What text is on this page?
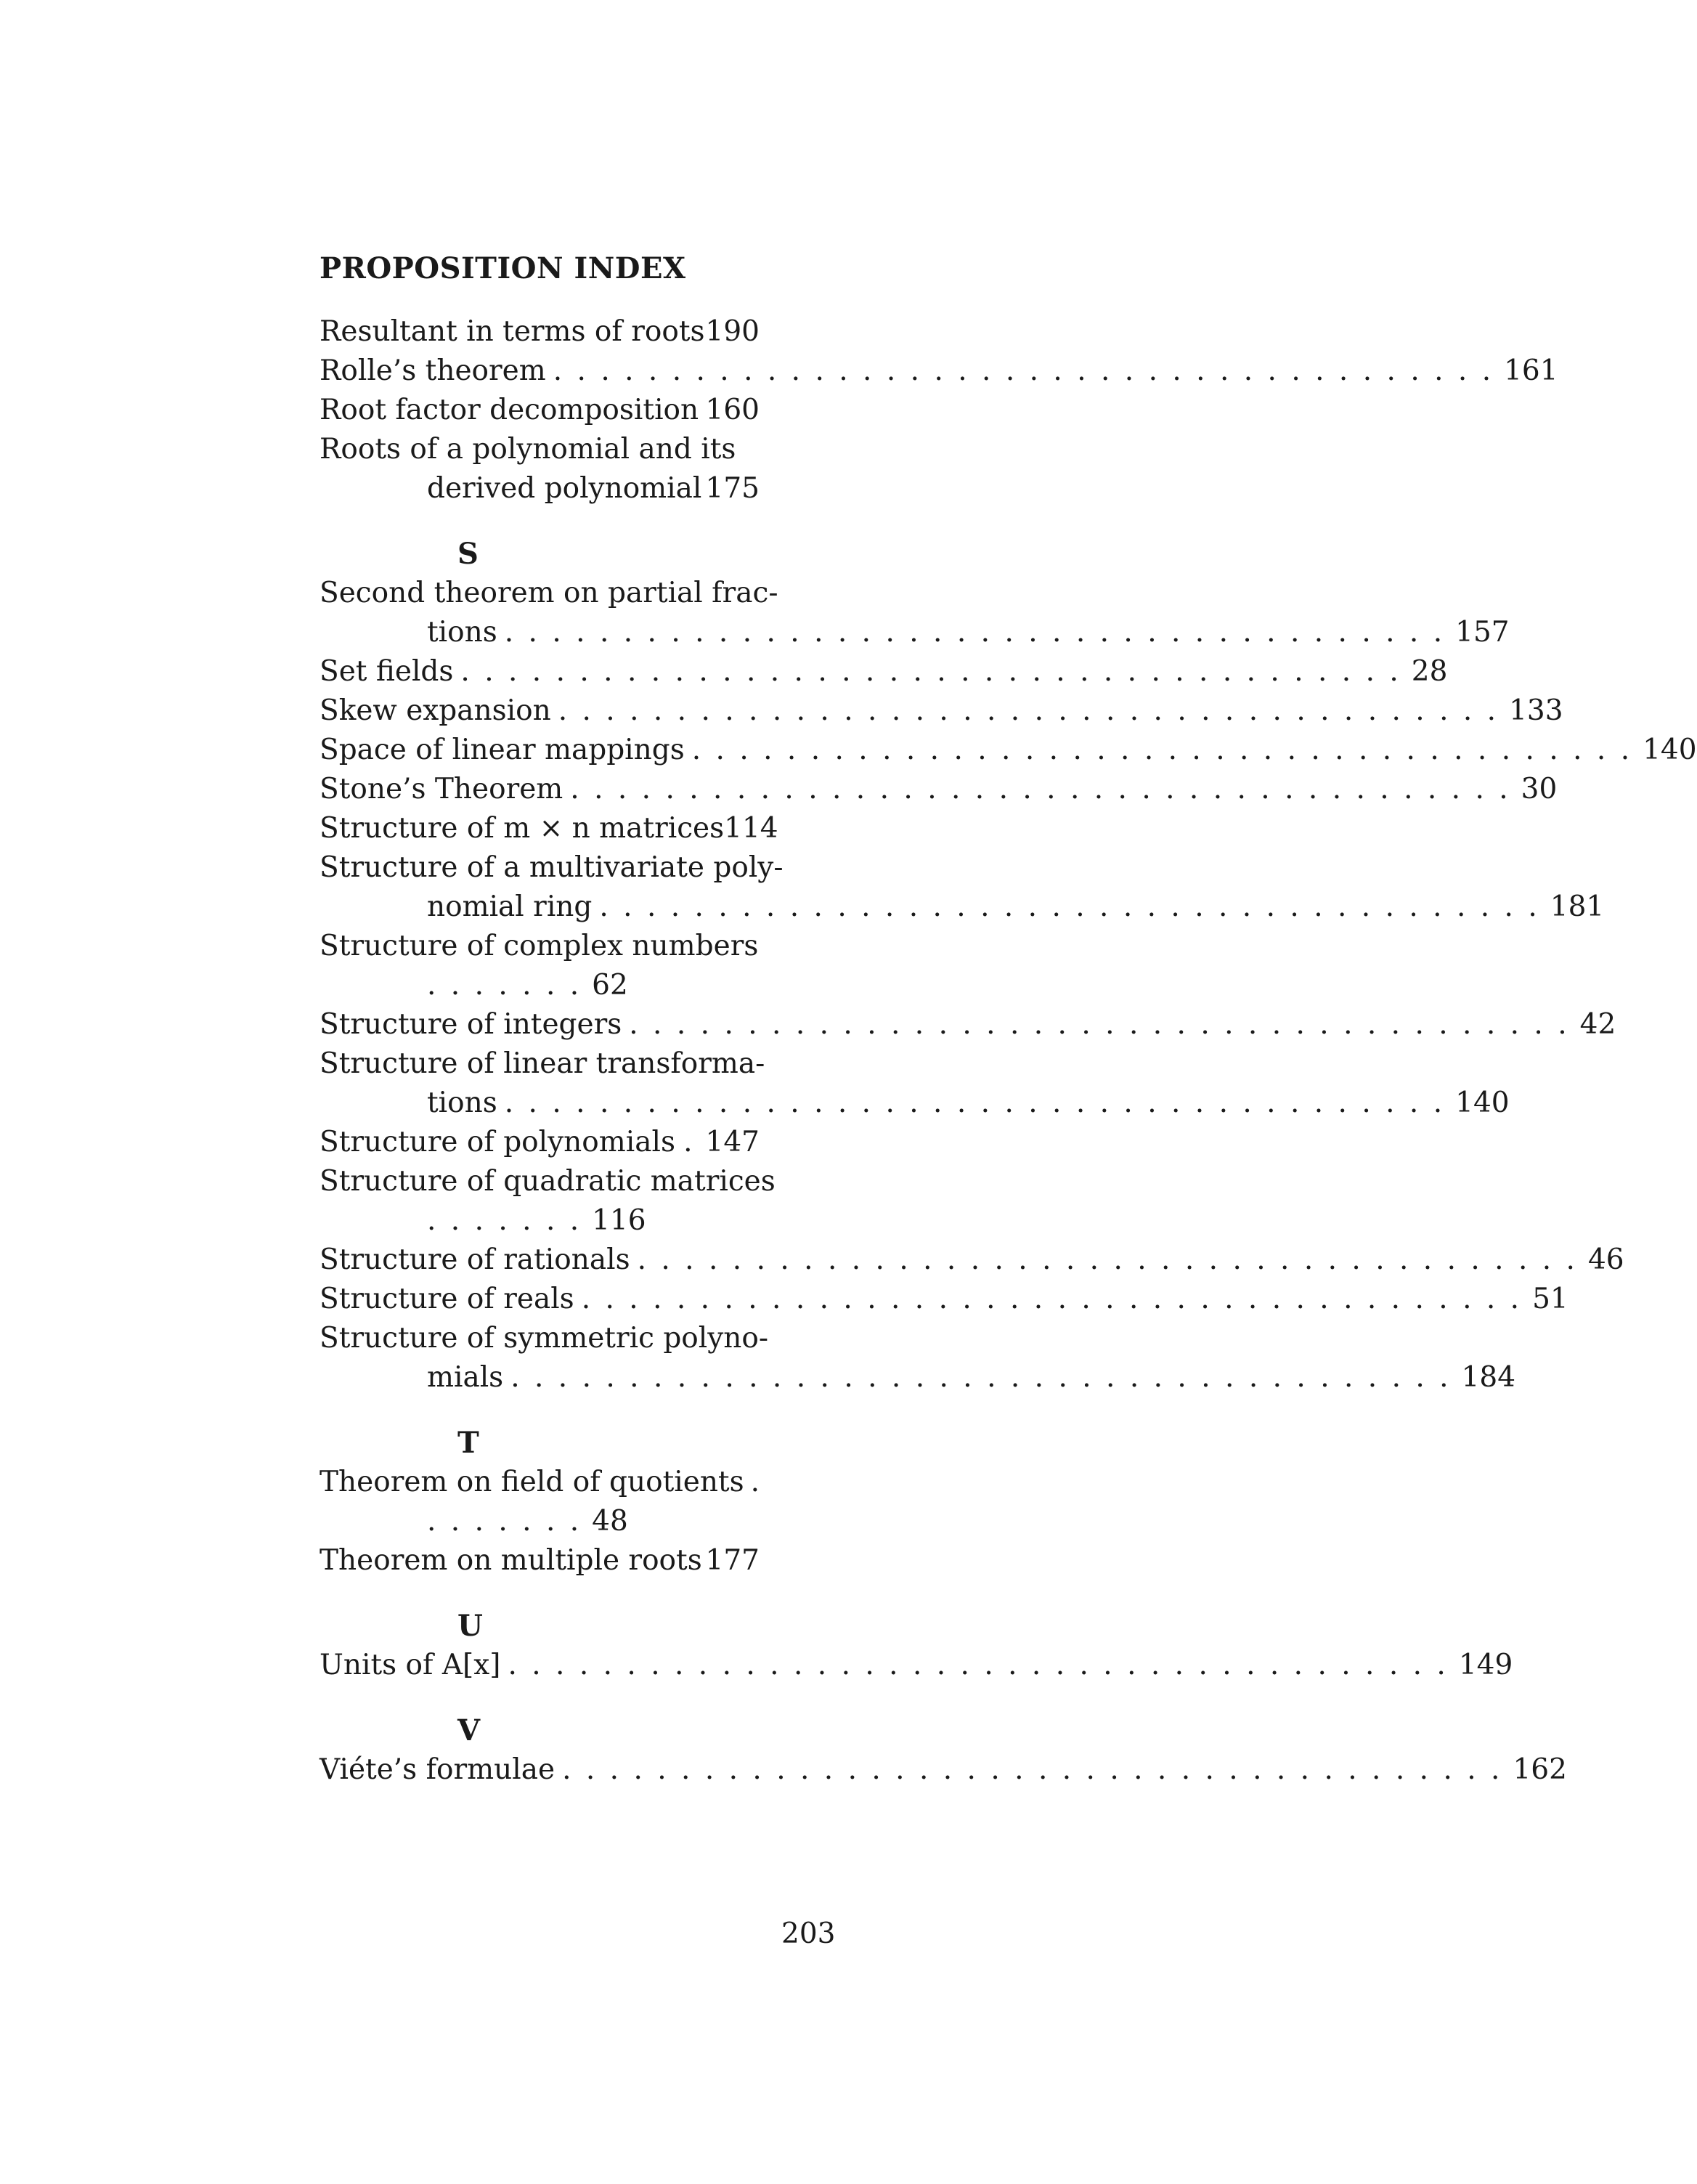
PROPOSITION INDEX
Resultant in terms of roots 190
Rolle’s theorem . . . . . . . . . . . . . . . . . . . . . . . . . . . . . . . . . . . . . . . . 161
Root factor decomposition 160
Roots of a polynomial and its
derived polynomial 175
S
Second theorem on partial frac-
tions . . . . . . . . . . . . . . . . . . . . . . . . . . . . . . . . . . . . . . . . 157
Set fields . . . . . . . . . . . . . . . . . . . . . . . . . . . . . . . . . . . . . . . . 28
Skew expansion . . . . . . . . . . . . . . . . . . . . . . . . . . . . . . . . . . . . . . . . 133
Space of linear mappings . . . . . . . . . . . . . . . . . . . . . . . . . . . . . . . . . . . . . . . . 140
Stone’s Theorem . . . . . . . . . . . . . . . . . . . . . . . . . . . . . . . . . . . . . . . . 30
Structure of m × n matrices 114
Structure of a multivariate poly-
nomial ring . . . . . . . . . . . . . . . . . . . . . . . . . . . . . . . . . . . . . . . . 181
Structure of complex numbers
. . . . . . . 62
Structure of integers . . . . . . . . . . . . . . . . . . . . . . . . . . . . . . . . . . . . . . . . 42
Structure of linear transforma-
tions . . . . . . . . . . . . . . . . . . . . . . . . . . . . . . . . . . . . . . . . 140
Structure of polynomials . 147
Structure of quadratic matrices
. . . . . . . 116
Structure of rationals . . . . . . . . . . . . . . . . . . . . . . . . . . . . . . . . . . . . . . . . 46
Structure of reals . . . . . . . . . . . . . . . . . . . . . . . . . . . . . . . . . . . . . . . . 51
Structure of symmetric polyno-
mials . . . . . . . . . . . . . . . . . . . . . . . . . . . . . . . . . . . . . . . . 184
T
Theorem on field of quotients .
. . . . . . . 48
Theorem on multiple roots 177
U
Units of A[x] . . . . . . . . . . . . . . . . . . . . . . . . . . . . . . . . . . . . . . . . 149
V
Viéte’s formulae . . . . . . . . . . . . . . . . . . . . . . . . . . . . . . . . . . . . . . . . 162

203
